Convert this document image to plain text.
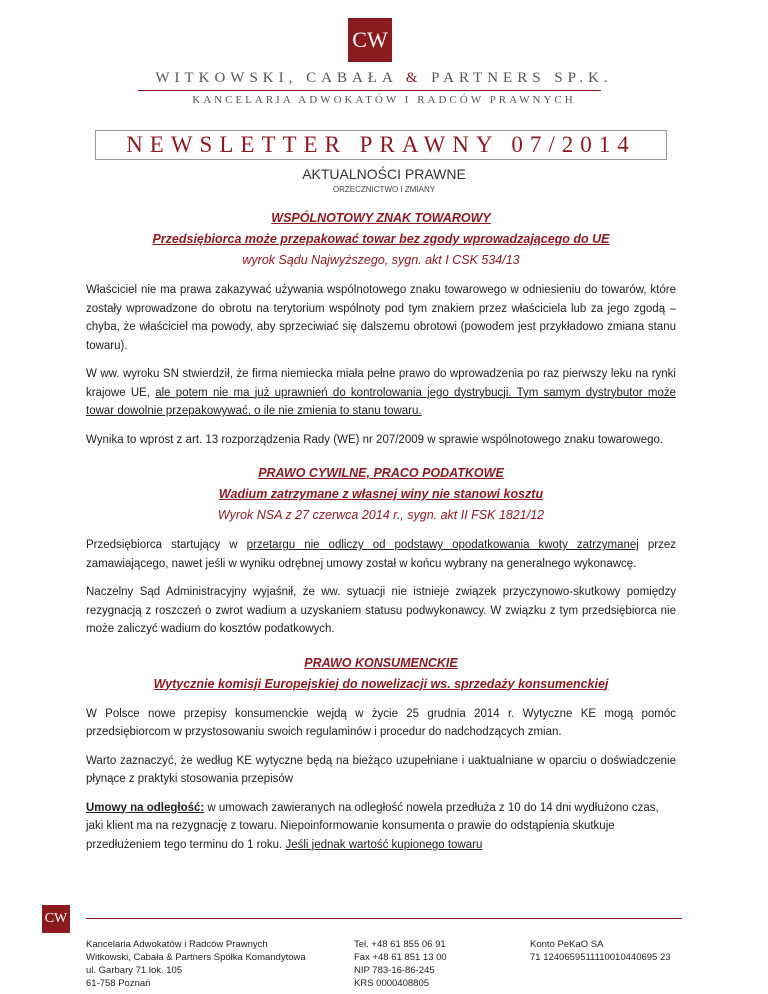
CW
WITKOWSKI, CABAŁA & PARTNERS SP.K.
KANCELARIA ADWOKATÓW I RADCÓW PRAWNYCH
NEWSLETTER PRAWNY 07/2014
AKTUALNOŚCI PRAWNE
ORZECZNICTWO I ZMIANY
WSPÓLNOTOWY ZNAK TOWAROWY
Przedsiębiorca może przepakować towar bez zgody wprowadzającego do UE
wyrok Sądu Najwyższego, sygn. akt I CSK 534/13

Właściciel nie ma prawa zakazywać używania wspólnotowego znaku towarowego w odniesieniu do towarów, które zostały wprowadzone do obrotu na terytorium wspólnoty pod tym znakiem przez właściciela lub za jego zgodą – chyba, że właściciel ma powody, aby sprzeciwiać się dalszemu obrotowi (powodem jest przykładowo zmiana stanu towaru).

W ww. wyroku SN stwierdził, że firma niemiecka miała pełne prawo do wprowadzenia po raz pierwszy leku na rynki krajowe UE, ale potem nie ma już uprawnień do kontrolowania jego dystrybucji. Tym samym dystrybutor może towar dowolnie przepakowywać, o ile nie zmienia to stanu towaru.

Wynika to wprost z art. 13 rozporządzenia Rady (WE) nr 207/2009 w sprawie wspólnotowego znaku towarowego.

PRAWO CYWILNE, PRACO PODATKOWE
Wadium zatrzymane z własnej winy nie stanowi kosztu
Wyrok NSA z 27 czerwca 2014 r., sygn. akt II FSK 1821/12

Przedsiębiorca startujący w przetargu nie odliczy od podstawy opodatkowania kwoty zatrzymanej przez zamawiającego, nawet jeśli w wyniku odrębnej umowy został w końcu wybrany na generalnego wykonawcę.

Naczelny Sąd Administracyjny wyjaśnił, że ww. sytuacji nie istnieje związek przyczynowo-skutkowy pomiędzy rezygnacją z roszczeń o zwrot wadium a uzyskaniem statusu podwykonawcy. W związku z tym przedsiębiorca nie może zaliczyć wadium do kosztów podatkowych.

PRAWO KONSUMENCKIE
Wytycznie komisji Europejskiej do nowelizacji ws. sprzedaży konsumenckiej

W Polsce nowe przepisy konsumenckie wejdą w życie 25 grudnia 2014 r. Wytyczne KE mogą pomóc przedsiębiorcom w przystosowaniu swoich regulaminów i procedur do nadchodzących zmian.

Warto zaznaczyć, że według KE wytyczne będą na bieżąco uzupełniane i uaktualniane w oparciu o doświadczenie płynące z praktyki stosowania przepisów

Umowy na odległość: w umowach zawieranych na odległość nowela przedłuża z 10 do 14 dni wydłużono czas, jaki klient ma na rezygnację z towaru. Niepoinformowanie konsumenta o prawie do odstąpienia skutkuje przedłużeniem tego terminu do 1 roku. Jeśli jednak wartość kupionego towaru

CW
Kancelaria Adwokatów i Radców Prawnych
Witkowski, Cabała & Partners Spółka Komandytowa
ul. Garbary 71 lok. 105
61-758 Poznań
Tel. +48 61 855 06 91
Fax +48 61 851 13 00
NIP 783-16-86-245
KRS 0000408805
Konto PeKaO SA
71 1240659511110010440695 23
